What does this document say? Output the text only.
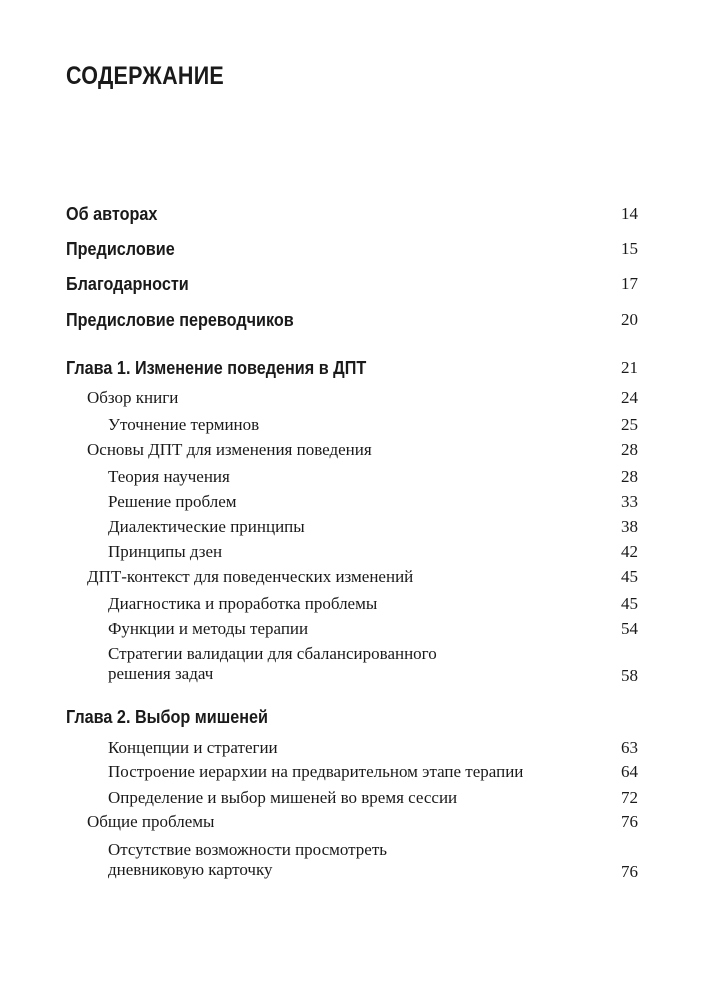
СОДЕРЖАНИЕ
Об авторах	14
Предисловие	15
Благодарности	17
Предисловие переводчиков	20
Глава 1. Изменение поведения в ДПТ	21
Обзор книги	24
Уточнение терминов	25
Основы ДПТ для изменения поведения	28
Теория научения	28
Решение проблем	33
Диалектические принципы	38
Принципы дзен	42
ДПТ-контекст для поведенческих изменений	45
Диагностика и проработка проблемы	45
Функции и методы терапии	54
Стратегии валидации для сбалансированного
решения задач	58
Глава 2. Выбор мишеней
Концепции и стратегии	63
Построение иерархии на предварительном этапе терапии	64
Определение и выбор мишеней во время сессии	72
Общие проблемы	76
Отсутствие возможности просмотреть
дневниковую карточку	76
